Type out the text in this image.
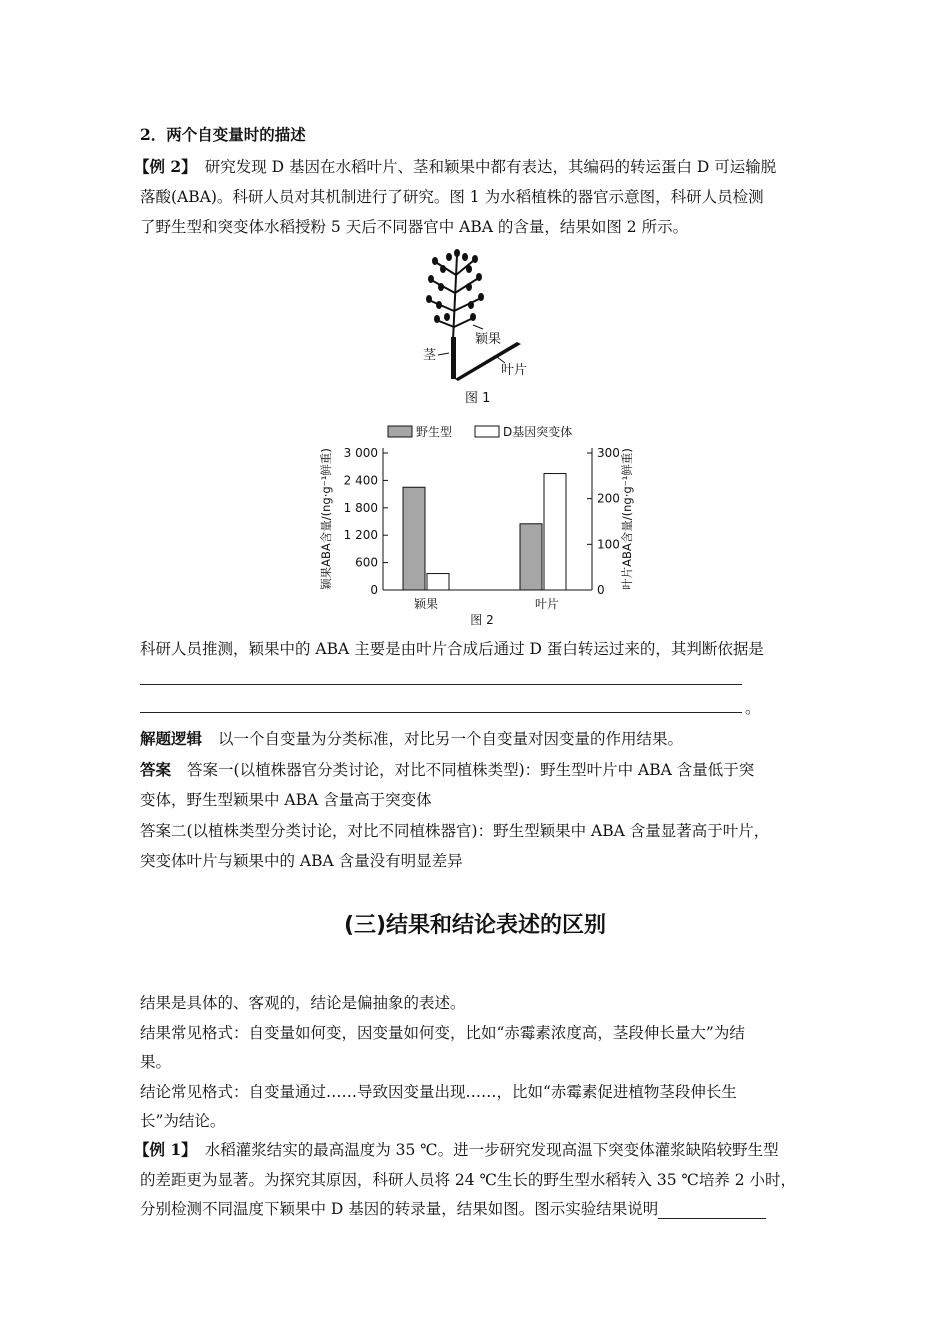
2．两个自变量时的描述
【例 2】 研究发现 D 基因在水稻叶片、茎和颖果中都有表达，其编码的转运蛋白 D 可运输脱
落酸(ABA)。科研人员对其机制进行了研究。图 1 为水稻植株的器官示意图，科研人员检测
了野生型和突变体水稻授粉 5 天后不同器官中 ABA 的含量，结果如图 2 所示。
颖果
茎
叶片
图 1
野生型	D基因突变体
0
600
1 200
1 800
2 400
3 000
0
100
200
300
颖果	叶片
颖果ABA含量/(ng·g⁻¹鲜重)	叶片ABA含量/(ng·g⁻¹鲜重)
图 2
科研人员推测，颖果中的 ABA 主要是由叶片合成后通过 D 蛋白转运过来的，其判断依据是
。
解题逻辑 以一个自变量为分类标准，对比另一个自变量对因变量的作用结果。
答案 答案一(以植株器官分类讨论，对比不同植株类型)：野生型叶片中 ABA 含量低于突
变体，野生型颖果中 ABA 含量高于突变体
答案二(以植株类型分类讨论，对比不同植株器官)：野生型颖果中 ABA 含量显著高于叶片，
突变体叶片与颖果中的 ABA 含量没有明显差异
(三)结果和结论表述的区别
结果是具体的、客观的，结论是偏抽象的表述。
结果常见格式：自变量如何变，因变量如何变，比如“赤霉素浓度高，茎段伸长量大”为结
果。
结论常见格式：自变量通过……导致因变量出现……，比如“赤霉素促进植物茎段伸长生
长”为结论。
【例 1】 水稻灌浆结实的最高温度为 35 ℃。进一步研究发现高温下突变体灌浆缺陷较野生型
的差距更为显著。为探究其原因，科研人员将 24 ℃生长的野生型水稻转入 35 ℃培养 2 小时，
分别检测不同温度下颖果中 D 基因的转录量，结果如图。图示实验结果说明
